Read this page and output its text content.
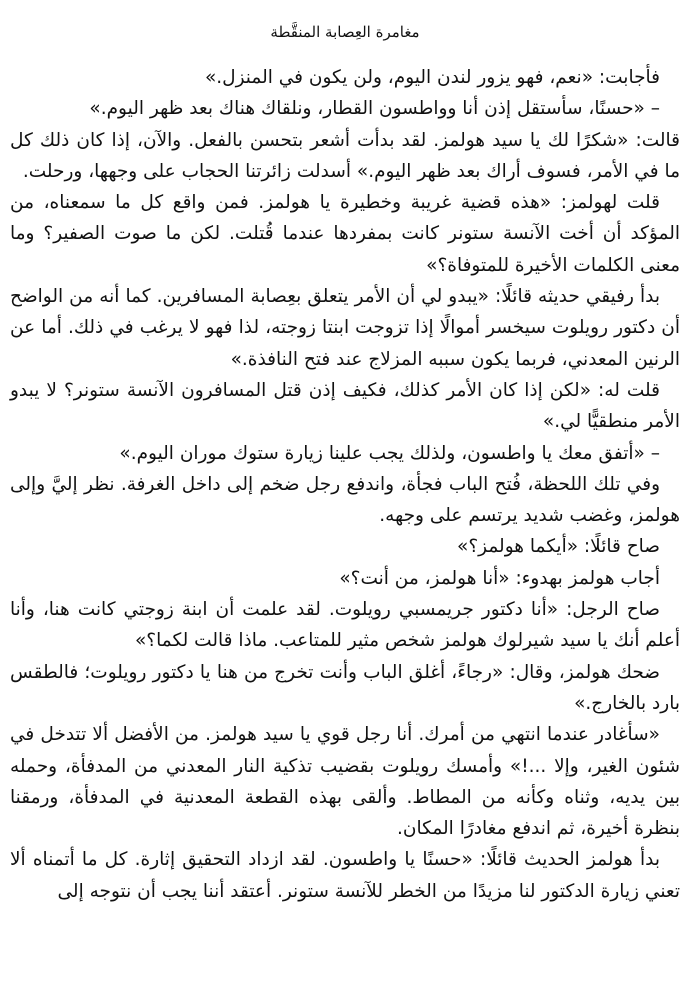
مغامرة العِصابة المنقَّطة

فأجابت: «نعم، فهو يزور لندن اليوم، ولن يكون في المنزل.»

– «حسنًا، سأستقل إذن أنا وواطسون القطار، ونلقاك هناك بعد ظهر اليوم.»

قالت: «شكرًا لك يا سيد هولمز. لقد بدأت أشعر بتحسن بالفعل. والآن، إذا كان ذلك كل ما في الأمر، فسوف أراك بعد ظهر اليوم.» أسدلت زائرتنا الحجاب على وجهها، ورحلت.

قلت لهولمز: «هذه قضية غريبة وخطيرة يا هولمز. فمن واقع كل ما سمعناه، من المؤكد أن أخت الآنسة ستونر كانت بمفردها عندما قُتلت. لكن ما صوت الصفير؟ وما معنى الكلمات الأخيرة للمتوفاة؟»

بدأ رفيقي حديثه قائلًا: «يبدو لي أن الأمر يتعلق بعِصابة المسافرين. كما أنه من الواضح أن دكتور رويلوت سيخسر أموالًا إذا تزوجت ابنتا زوجته، لذا فهو لا يرغب في ذلك. أما عن الرنين المعدني، فربما يكون سببه المزلاج عند فتح النافذة.»

قلت له: «لكن إذا كان الأمر كذلك، فكيف إذن قتل المسافرون الآنسة ستونر؟ لا يبدو الأمر منطقيًّا لي.»

– «أتفق معك يا واطسون، ولذلك يجب علينا زيارة ستوك موران اليوم.»

وفي تلك اللحظة، فُتح الباب فجأة، واندفع رجل ضخم إلى داخل الغرفة. نظر إليَّ وإلى هولمز، وغضب شديد يرتسم على وجهه.

صاح قائلًا: «أيكما هولمز؟»

أجاب هولمز بهدوء: «أنا هولمز، من أنت؟»

صاح الرجل: «أنا دكتور جريمسبي رويلوت. لقد علمت أن ابنة زوجتي كانت هنا، وأنا أعلم أنك يا سيد شيرلوك هولمز شخص مثير للمتاعب. ماذا قالت لكما؟»

ضحك هولمز، وقال: «رجاءً، أغلق الباب وأنت تخرج من هنا يا دكتور رويلوت؛ فالطقس بارد بالخارج.»

«سأغادر عندما انتهي من أمرك. أنا رجل قوي يا سيد هولمز. من الأفضل ألا تتدخل في شئون الغير، وإلا ...!» وأمسك رويلوت بقضيب تذكية النار المعدني من المدفأة، وحمله بين يديه، وثناه وكأنه من المطاط. وألقى بهذه القطعة المعدنية في المدفأة، ورمقنا بنظرة أخيرة، ثم اندفع مغادرًا المكان.

بدأ هولمز الحديث قائلًا: «حسنًا يا واطسون. لقد ازداد التحقيق إثارة. كل ما أتمناه ألا تعني زيارة الدكتور لنا مزيدًا من الخطر للآنسة ستونر. أعتقد أننا يجب أن نتوجه إلى
